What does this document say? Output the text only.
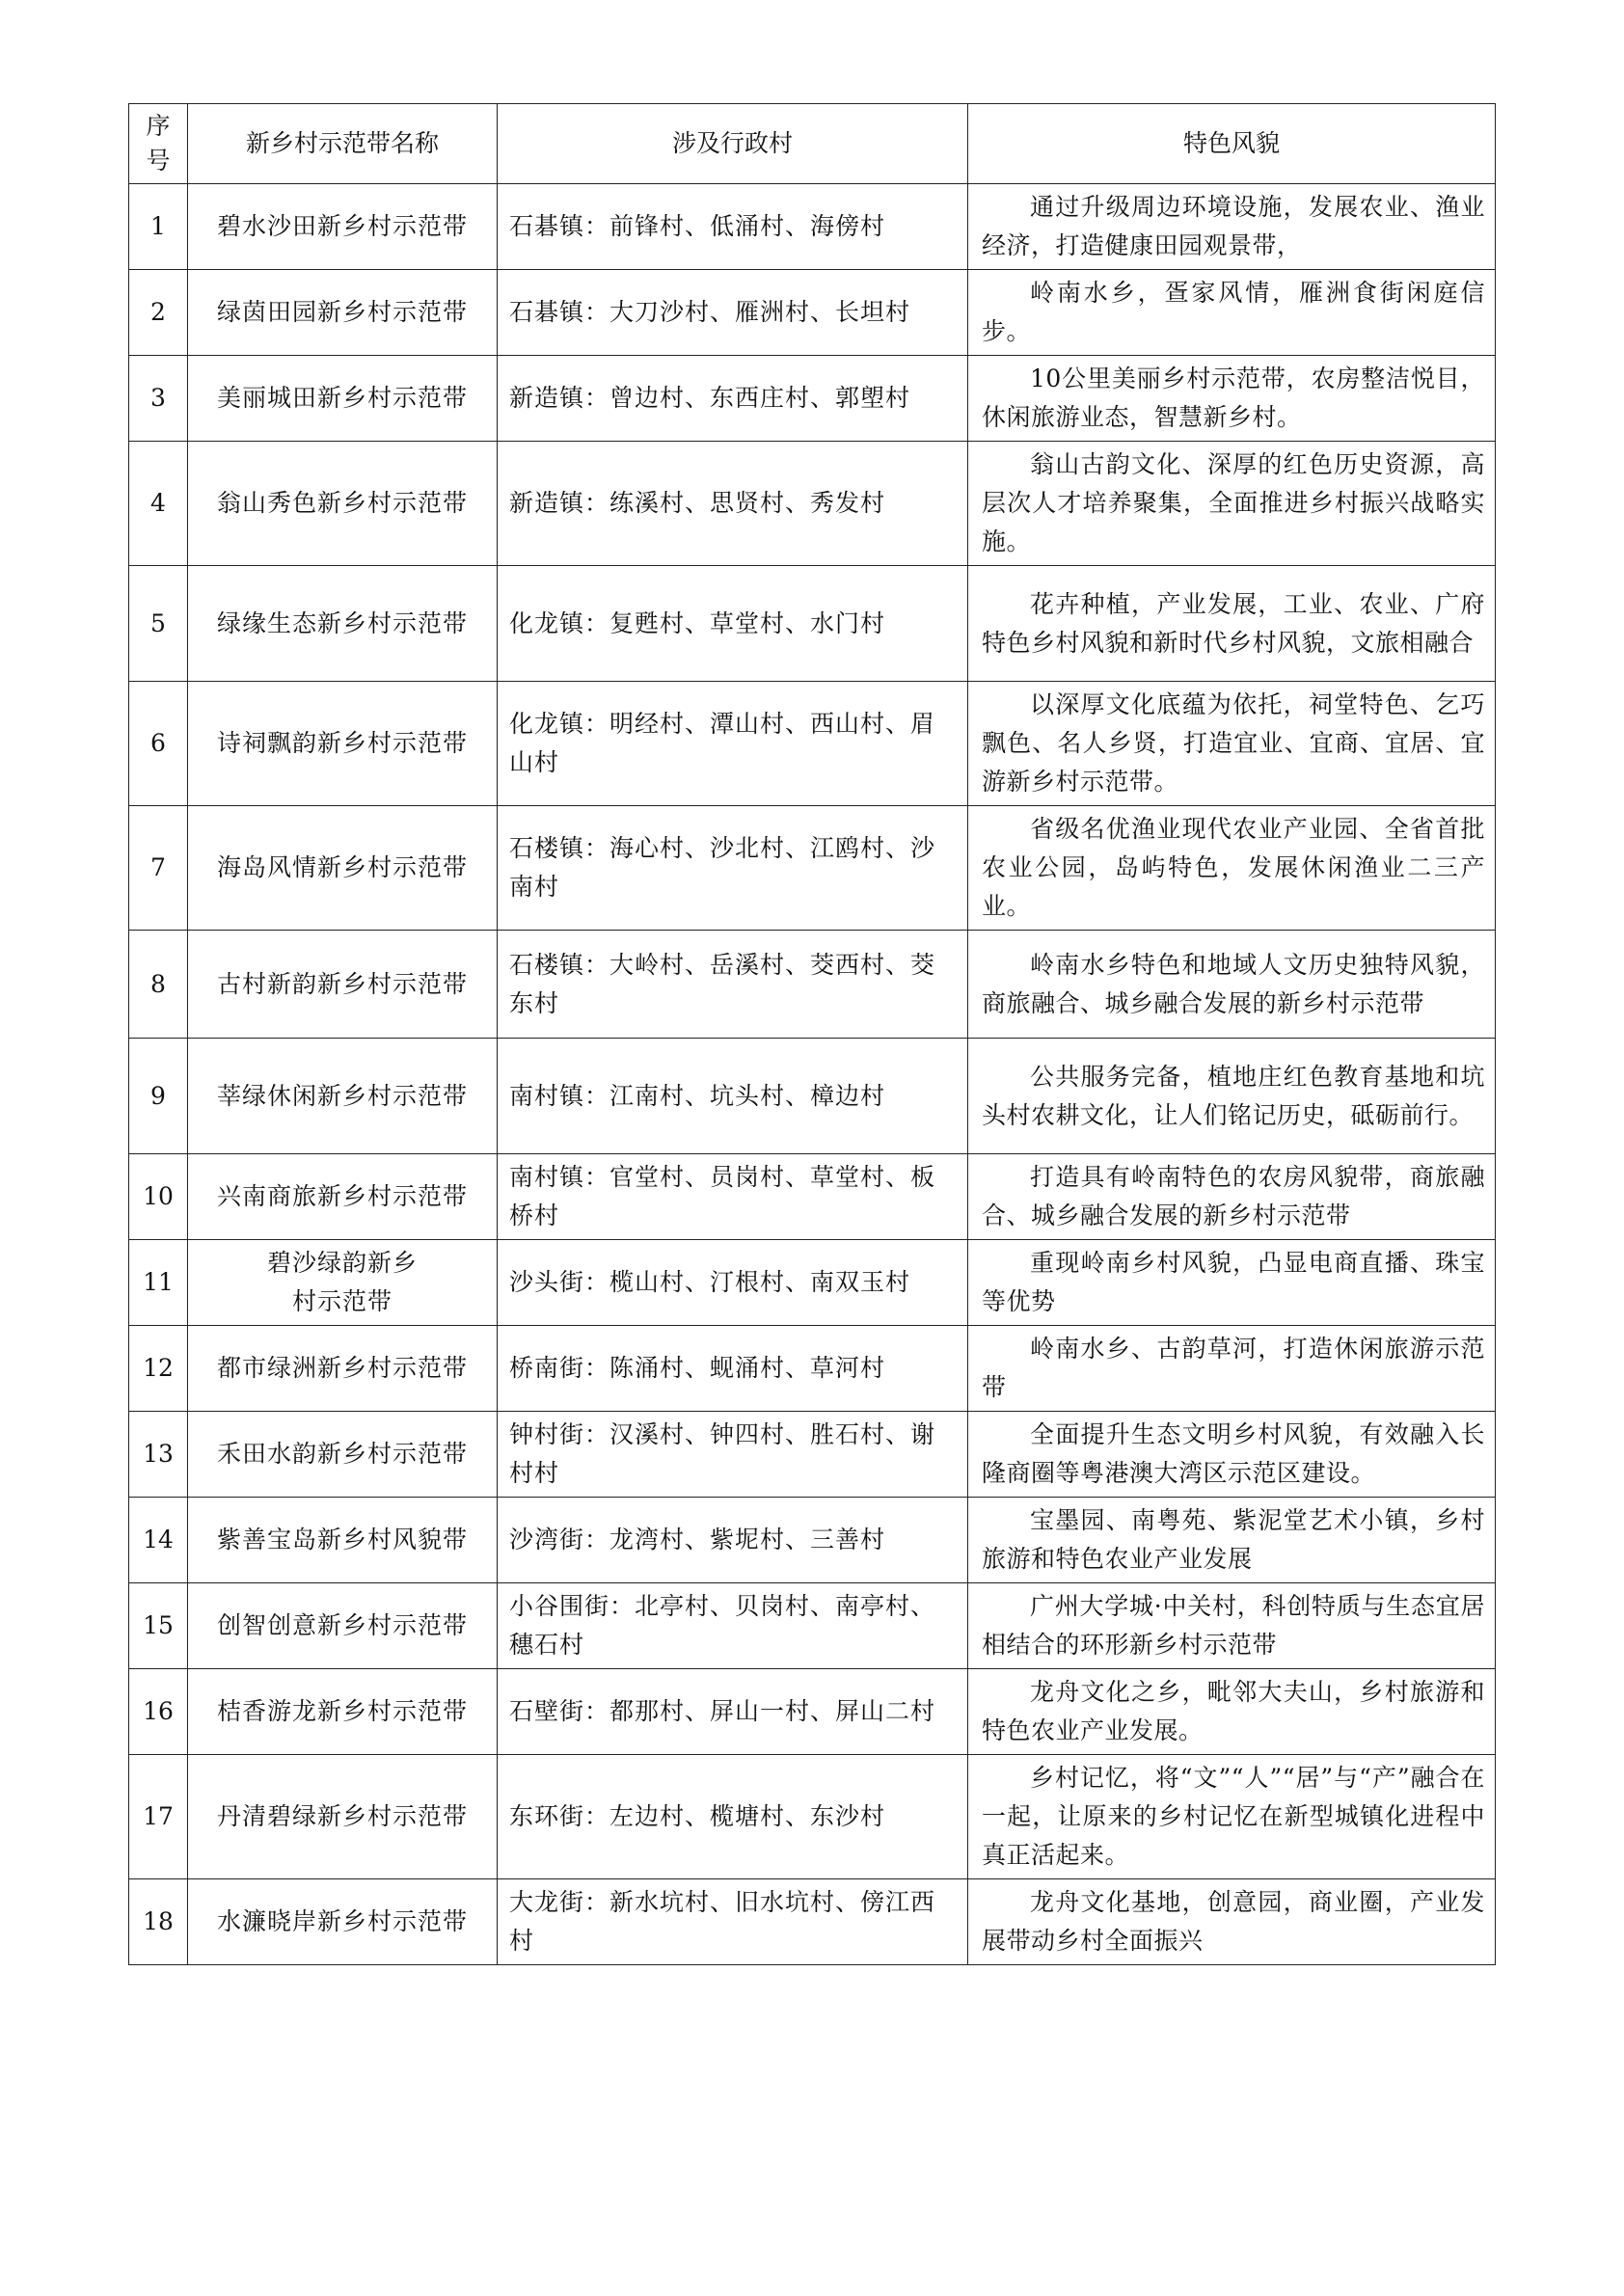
序号	新乡村示范带名称	涉及行政村	特色风貌
1	碧水沙田新乡村示范带	石碁镇：前锋村、低涌村、海傍村	通过升级周边环境设施，发展农业、渔业经济，打造健康田园观景带，

2	绿茵田园新乡村示范带	石碁镇：大刀沙村、雁洲村、长坦村	岭南水乡，疍家风情，雁洲食街闲庭信步。

3	美丽城田新乡村示范带	新造镇：曾边村、东西庄村、郭塱村	10公里美丽乡村示范带，农房整洁悦目，休闲旅游业态，智慧新乡村。

4	翁山秀色新乡村示范带	新造镇：练溪村、思贤村、秀发村	翁山古韵文化、深厚的红色历史资源，高层次人才培养聚集，全面推进乡村振兴战略实施。

5	绿缘生态新乡村示范带	化龙镇：复甦村、草堂村、水门村	花卉种植，产业发展，工业、农业、广府特色乡村风貌和新时代乡村风貌，文旅相融合

6	诗祠飘韵新乡村示范带	化龙镇：明经村、潭山村、西山村、眉山村	以深厚文化底蕴为依托，祠堂特色、乞巧飘色、名人乡贤，打造宜业、宜商、宜居、宜游新乡村示范带。

7	海岛风情新乡村示范带	石楼镇：海心村、沙北村、江鸥村、沙南村	省级名优渔业现代农业产业园、全省首批农业公园，岛屿特色，发展休闲渔业二三产业。

8	古村新韵新乡村示范带	石楼镇：大岭村、岳溪村、茭西村、茭东村	岭南水乡特色和地域人文历史独特风貌，商旅融合、城乡融合发展的新乡村示范带

9	莘绿休闲新乡村示范带	南村镇：江南村、坑头村、樟边村	公共服务完备，植地庄红色教育基地和坑头村农耕文化，让人们铭记历史，砥砺前行。

10	兴南商旅新乡村示范带	南村镇：官堂村、员岗村、草堂村、板桥村	打造具有岭南特色的农房风貌带，商旅融合、城乡融合发展的新乡村示范带

11	碧沙绿韵新乡村示范带	沙头街：榄山村、汀根村、南双玉村	重现岭南乡村风貌，凸显电商直播、珠宝等优势

12	都市绿洲新乡村示范带	桥南街：陈涌村、蚬涌村、草河村	岭南水乡、古韵草河，打造休闲旅游示范带

13	禾田水韵新乡村示范带	钟村街：汉溪村、钟四村、胜石村、谢村村	全面提升生态文明乡村风貌，有效融入长隆商圈等粤港澳大湾区示范区建设。

14	紫善宝岛新乡村风貌带	沙湾街：龙湾村、紫坭村、三善村	宝墨园、南粤苑、紫泥堂艺术小镇，乡村旅游和特色农业产业发展

15	创智创意新乡村示范带	小谷围街：北亭村、贝岗村、南亭村、穗石村	广州大学城·中关村，科创特质与生态宜居相结合的环形新乡村示范带

16	桔香游龙新乡村示范带	石壁街：都那村、屏山一村、屏山二村	龙舟文化之乡，毗邻大夫山，乡村旅游和特色农业产业发展。

17	丹清碧绿新乡村示范带	东环街：左边村、榄塘村、东沙村	乡村记忆，将“文”“人”“居”与“产”融合在一起，让原来的乡村记忆在新型城镇化进程中真正活起来。

18	水濂晓岸新乡村示范带	大龙街：新水坑村、旧水坑村、傍江西村	龙舟文化基地，创意园，商业圈，产业发展带动乡村全面振兴
